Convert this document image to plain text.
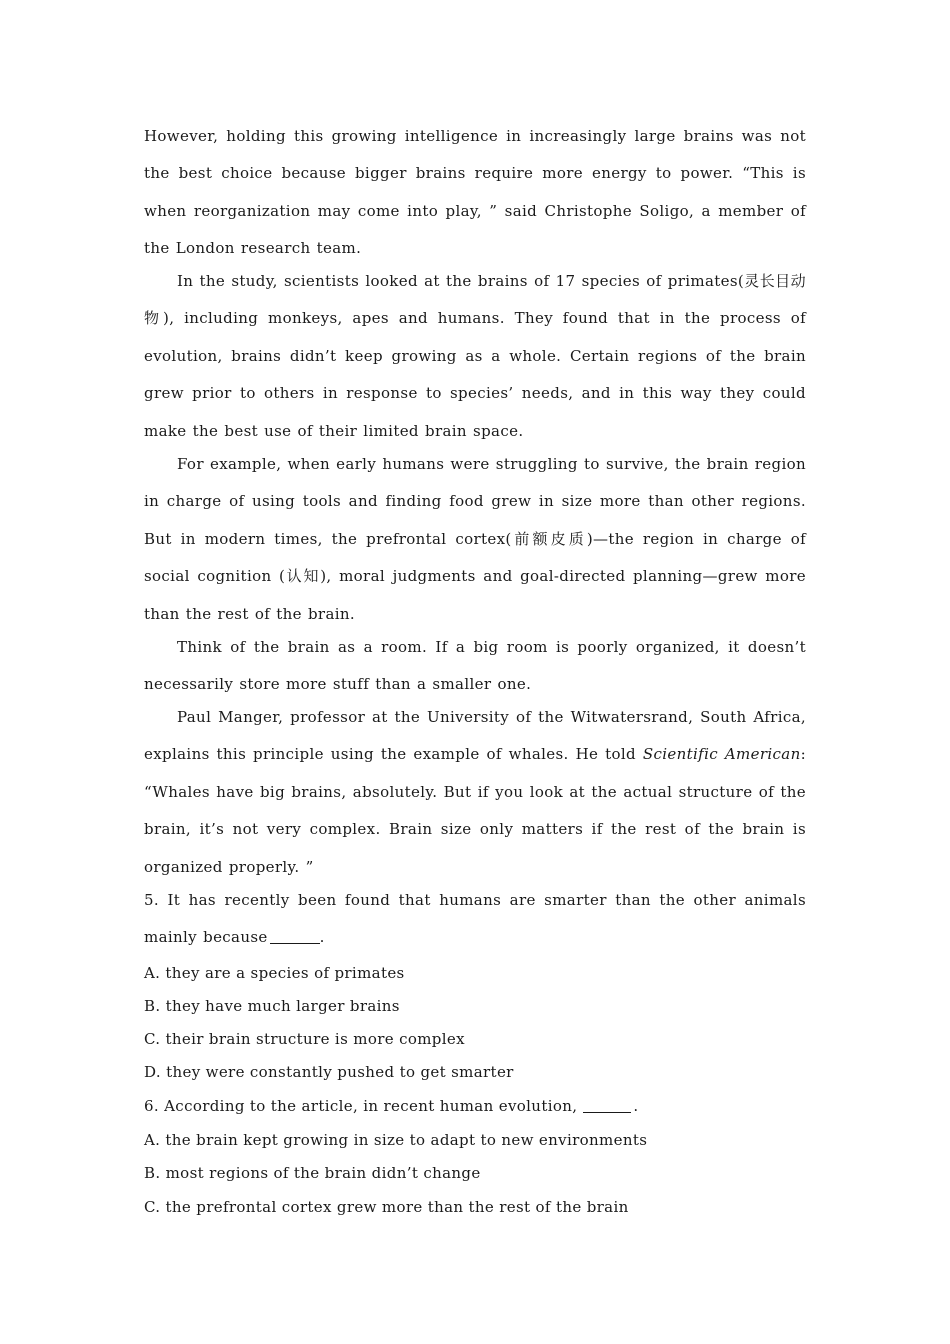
However, holding this growing intelligence in increasingly large brains was not the best choice because bigger brains require more energy to power. “This is when reorganization may come into play, ” said Christophe Soligo, a member of the London research team.
In the study, scientists looked at the brains of 17 species of primates(灵长目动物), including monkeys, apes and humans. They found that in the process of evolution, brains didn’t keep growing as a whole. Certain regions of the brain grew prior to others in response to species’ needs, and in this way they could make the best use of their limited brain space.
For example, when early humans were struggling to survive, the brain region in charge of using tools and finding food grew in size more than other regions. But in modern times, the prefrontal cortex(前额皮质)—the region in charge of social cognition (认知), moral judgments and goal-directed planning—grew more than the rest of the brain.
Think of the brain as a room. If a big room is poorly organized, it doesn’t necessarily store more stuff than a smaller one.
Paul Manger, professor at the University of the Witwatersrand, South Africa, explains this principle using the example of whales. He told Scientific American: “Whales have big brains, absolutely. But if you look at the actual structure of the brain, it’s not very complex. Brain size only matters if the rest of the brain is organized properly. ”
5. It has recently been found that humans are smarter than the other animals mainly because	.
A. they are a species of primates
B. they have much larger brains
C. their brain structure is more complex
D. they were constantly pushed to get smarter
6. According to the article, in recent human evolution,	.
A. the brain kept growing in size to adapt to new environments
B. most regions of the brain didn’t change
C. the prefrontal cortex grew more than the rest of the brain
